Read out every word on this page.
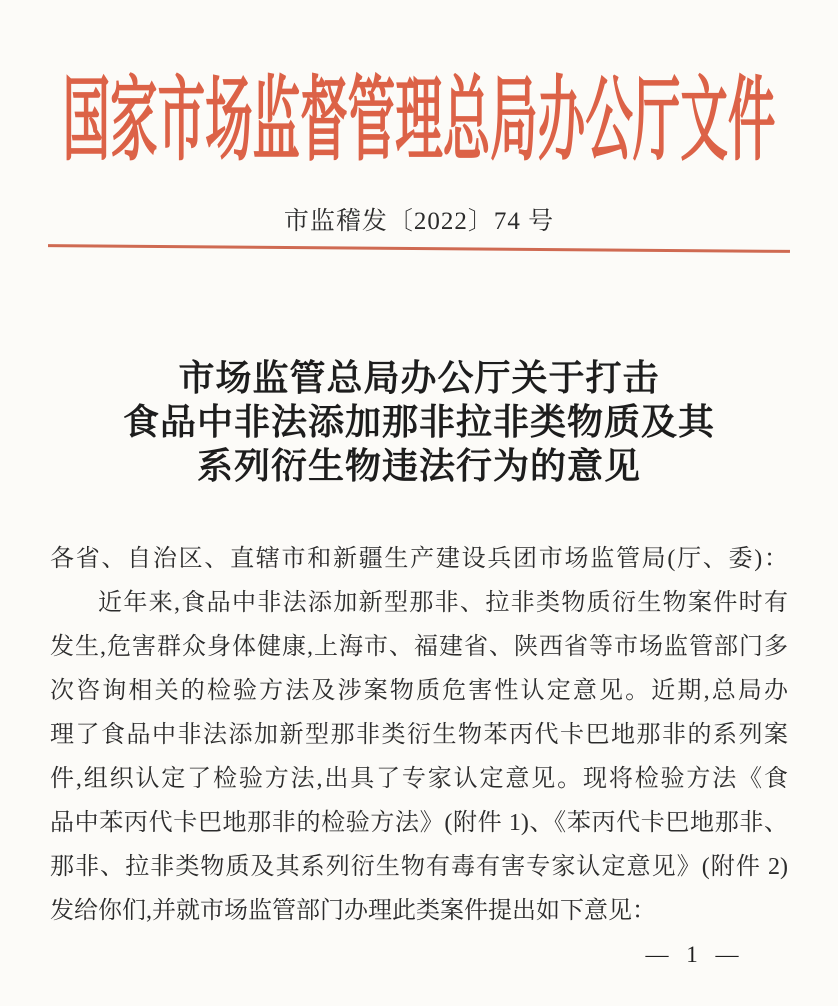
国家市场监督管理总局办公厅文件
市监稽发〔2022〕74 号
市场监管总局办公厅关于打击
食品中非法添加那非拉非类物质及其
系列衍生物违法行为的意见
各省、自治区、直辖市和新疆生产建设兵团市场监管局(厅、委)：
近年来,食品中非法添加新型那非、拉非类物质衍生物案件时有
发生,危害群众身体健康,上海市、福建省、陕西省等市场监管部门多
次咨询相关的检验方法及涉案物质危害性认定意见。近期,总局办
理了食品中非法添加新型那非类衍生物苯丙代卡巴地那非的系列案
件,组织认定了检验方法,出具了专家认定意见。现将检验方法《食
品中苯丙代卡巴地那非的检验方法》(附件 1)、《苯丙代卡巴地那非、
那非、拉非类物质及其系列衍生物有毒有害专家认定意见》(附件 2)
发给你们,并就市场监管部门办理此类案件提出如下意见：
— 1 —
